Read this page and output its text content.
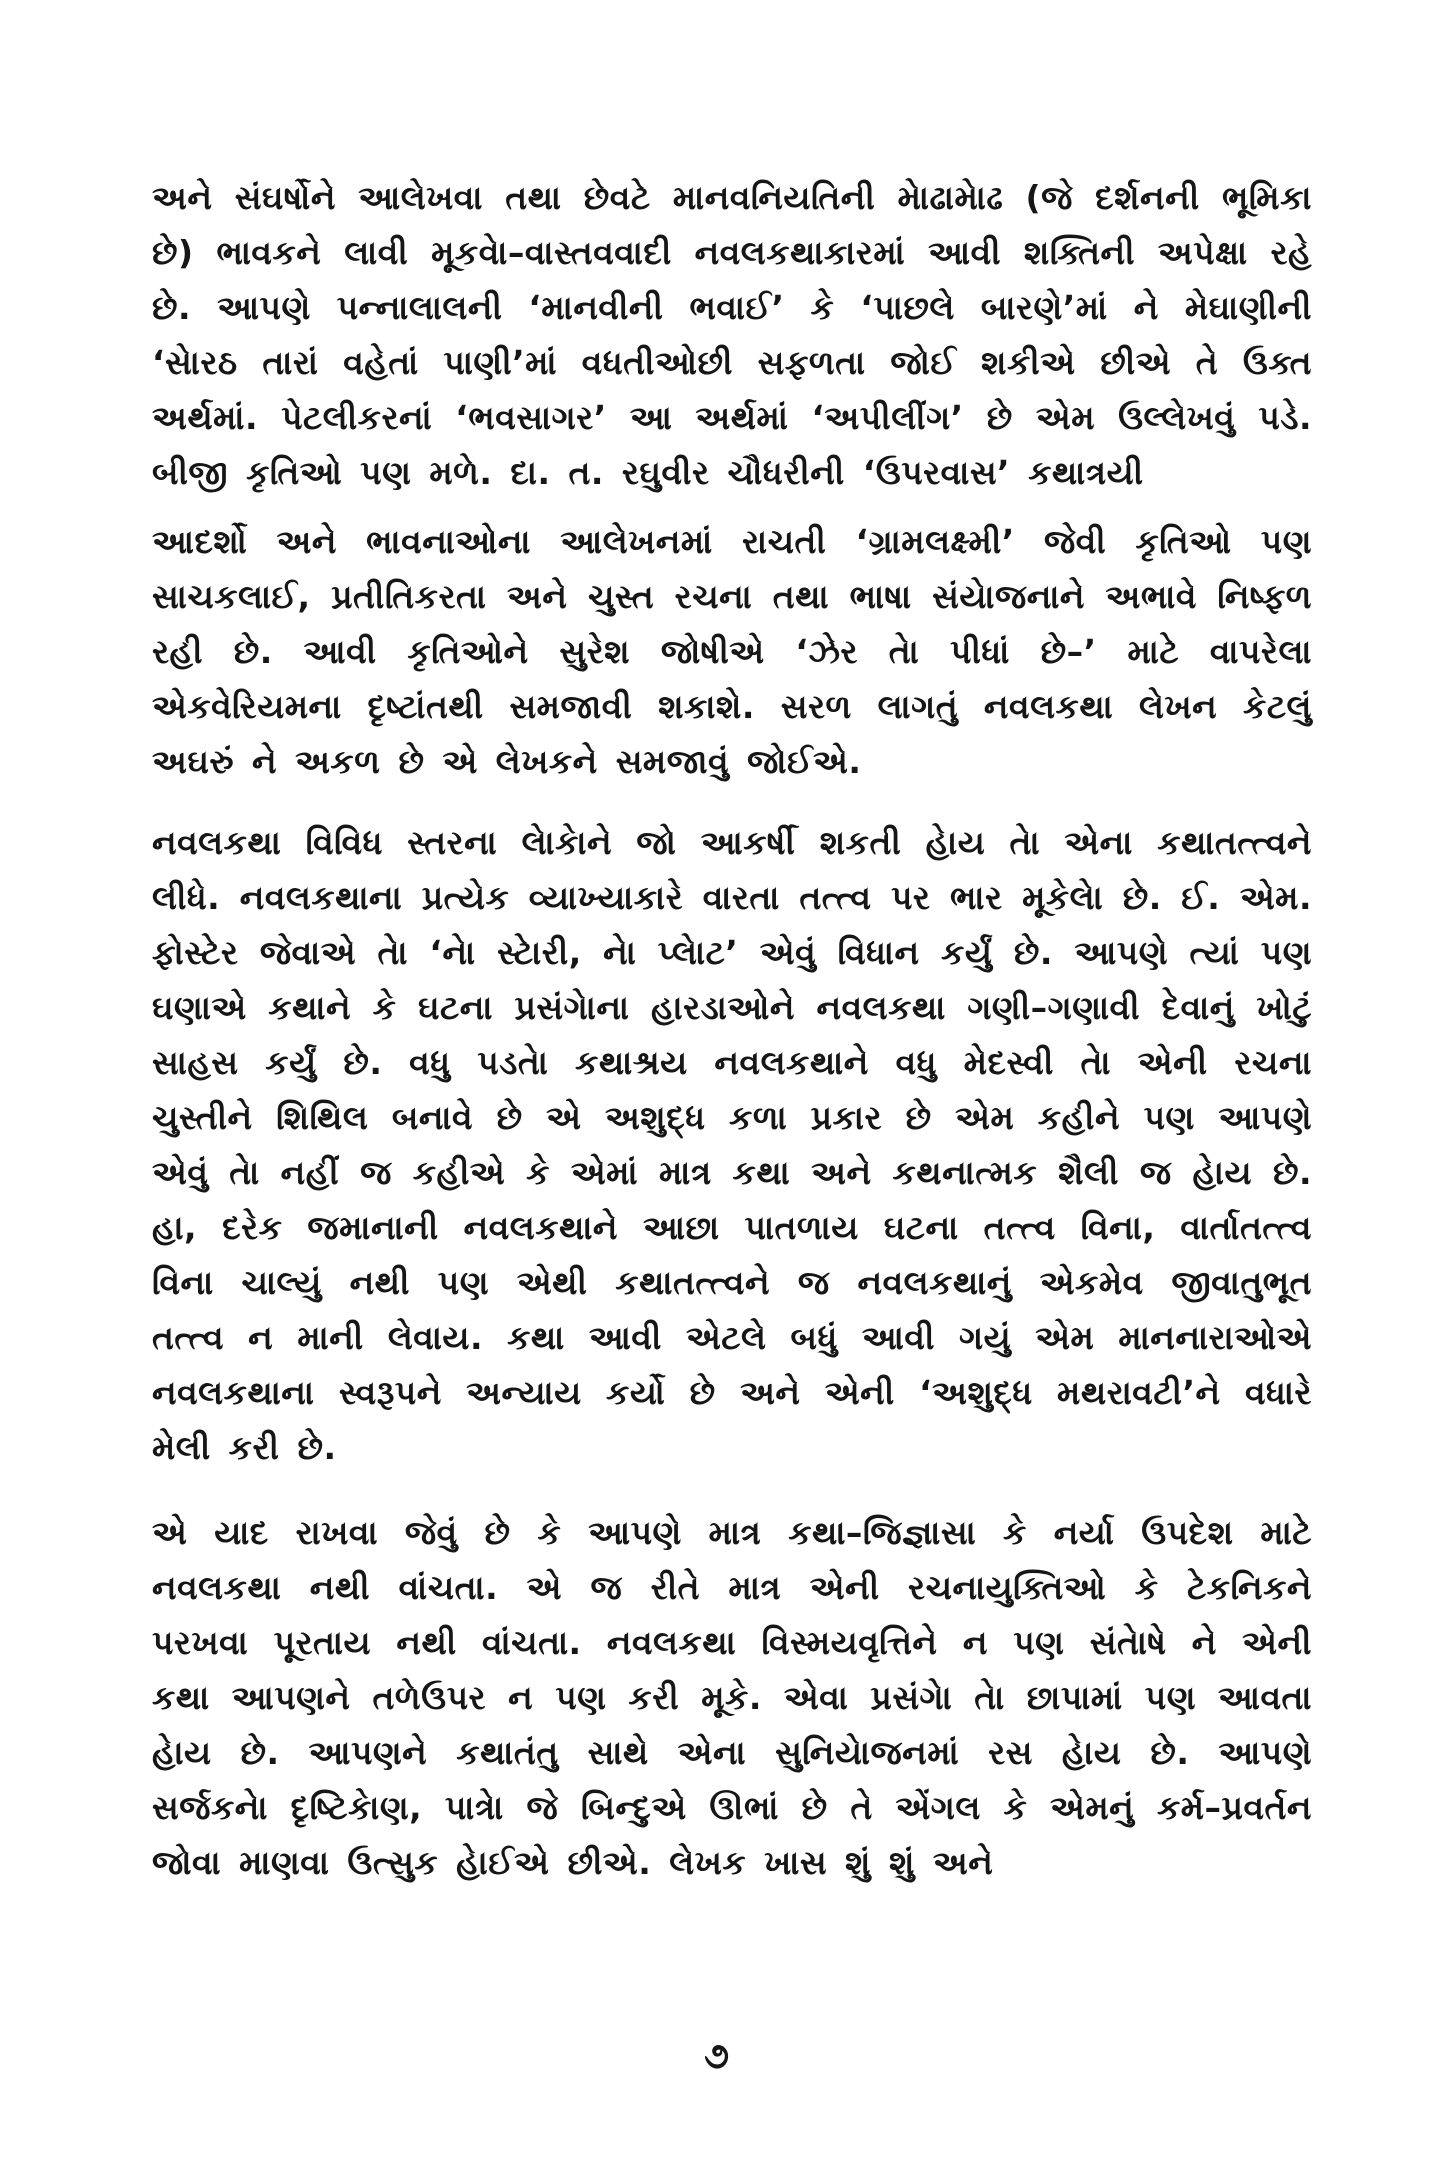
અને સંઘર્ષોને આલેખવા તથા છેવટે માનવનિયતિની મેાઢામેાઢ (જે દર્શનની ભૂમિકા છે) ભાવકને લાવી મૂકવેા–વાસ્તવવાદી નવલકથાકારમાં આવી શક્તિની અપેક્ષા રહે છે. આપણે પન્નાલાલની ‘માનવીની ભવાઈ’ કે ‘પાછલે બારણે’માં ને મેઘાણીની ‘સેારઠ તારાં વહેતાં પાણી’માં વધતીઓછી સફળતા જોઈ શકીએ છીએ તે ઉક્ત અર્થમાં. પેટલીકરનાં ‘ભવસાગર’ આ અર્થમાં ‘અપીલીંગ’ છે એમ ઉલ્લેખવું પડે. બીજી કૃતિઓ પણ મળે. દા. ત. રઘુવીર ચૌધરીની ‘ઉપરવાસ’ કથાત્રયી

આદર્શો અને ભાવનાઓના આલેખનમાં રાચતી ‘ગ્રામલક્ષ્મી’ જેવી કૃતિઓ પણ સાચકલાઈ, પ્રતીતિકરતા અને ચુસ્ત રચના તથા ભાષા સંયેાજનાને અભાવે નિષ્ફળ રહી છે. આવી કૃતિઓને સુરેશ જોષીએ ‘ઝેર તેા પીધાં છે–’ માટે વાપરેલા એકવેરિયમના દૃષ્ટાંતથી સમજાવી શકાશે. સરળ લાગતું નવલકથા લેખન કેટલું અઘરું ને અકળ છે એ લેખકને સમજાવું જોઈએ.

નવલકથા વિવિધ સ્તરના લેાકેાને જો આકર્ષી શકતી હેાય તેા એના કથાતત્ત્વને લીધે. નવલકથાના પ્રત્યેક વ્યાખ્યાકારે વારતા તત્ત્વ પર ભાર મૂકેલેા છે. ઈ. એમ. ફોસ્ટેર જેવાએ તેા ‘નેા સ્ટેારી, નેા પ્લેાટ’ એવું વિધાન કર્યું છે. આપણે ત્યાં પણ ઘણાએ કથાને કે ઘટના પ્રસંગેાના હારડાઓને નવલકથા ગણી–ગણાવી દેવાનું ખોટું સાહસ કર્યું છે. વધુ પડતેા કથાશ્રય નવલકથાને વધુ મેદસ્વી તેા એની રચના ચુસ્તીને શિથિલ બનાવે છે એ અશુદ્ધ કળા પ્રકાર છે એમ કહીને પણ આપણે એવું તેા નહીં જ કહીએ કે એમાં માત્ર કથા અને કથનાત્મક શૈલી જ હેાય છે. હા, દરેક જમાનાની નવલકથાને આછા પાતળાય ઘટના તત્ત્વ વિના, વાર્તાતત્ત્વ વિના ચાલ્યું નથી પણ એથી કથાતત્ત્વને જ નવલકથાનું એકમેવ જીવાતુભૂત તત્ત્વ ન માની લેવાય. કથા આવી એટલે બધું આવી ગયું એમ માનનારાઓએ નવલકથાના સ્વરૂપને અન્યાય કર્યો છે અને એની ‘અશુદ્ધ મથરાવટી’ને વધારે મેલી કરી છે.

એ યાદ રાખવા જેવું છે કે આપણે માત્ર કથા–જિજ્ઞાસા કે નર્યા ઉપદેશ માટે નવલકથા નથી વાંચતા. એ જ રીતે માત્ર એની રચનાયુક્તિઓ કે ટેકનિકને પરખવા પૂરતાય નથી વાંચતા. નવલકથા વિસ્મયવૃત્તિને ન પણ સંતેાષે ને એની કથા આપણને તળેઉપર ન પણ કરી મૂકે. એવા પ્રસંગેા તેા છાપામાં પણ આવતા હેાય છે. આપણને કથાતંતુ સાથે એના સુનિયેાજનમાં રસ હેાય છે. આપણે સર્જકનેા દૃષ્ટિકેાણ, પાત્રેા જે બિન્દુએ ઊભાં છે તે એંગલ કે એમનું કર્મ–પ્રવર્તન જોવા માણવા ઉત્સુક હેાઈએ છીએ. લેખક ખાસ શું શું અને

૭
